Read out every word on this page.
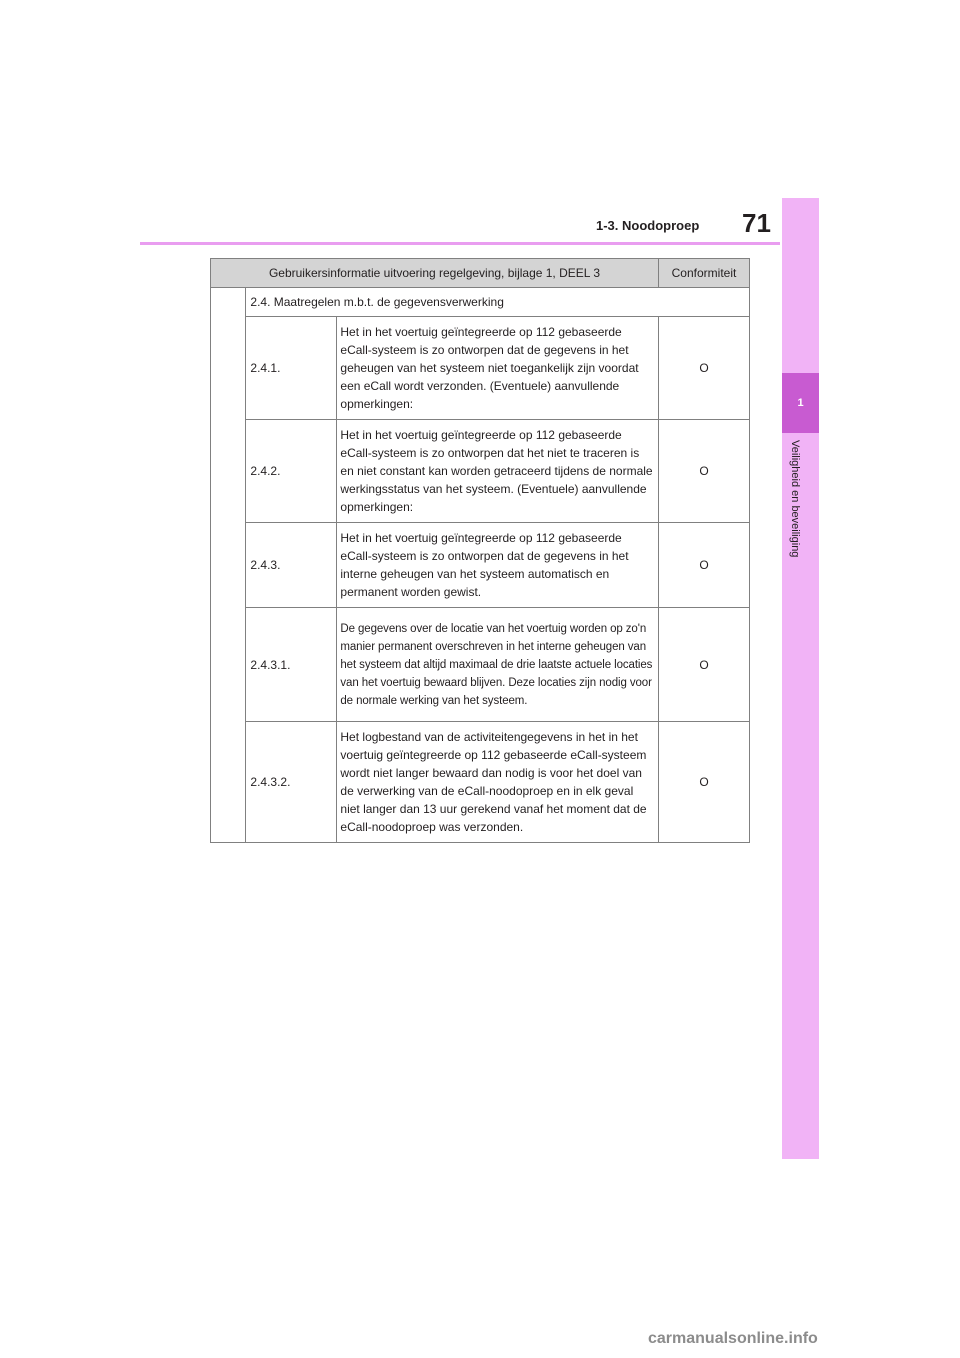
1-3. Noodoproep 71
1
Veiligheid en beveiliging
Gebruikersinformatie uitvoering regelgeving, bijlage 1, DEEL 3			Conformiteit
	2.4. Maatregelen m.b.t. de gegevensverwerking		
	2.4.1.	Het in het voertuig geïntegreerde op 112 gebaseerde eCall-systeem is zo ontworpen dat de gegevens in het geheugen van het systeem niet toegankelijk zijn voordat een eCall wordt verzonden. (Eventuele) aanvullende opmerkingen:	O
	2.4.2.	Het in het voertuig geïntegreerde op 112 gebaseerde eCall-systeem is zo ontworpen dat het niet te traceren is en niet constant kan worden getraceerd tijdens de normale werkingsstatus van het systeem. (Eventuele) aanvullende opmerkingen:	O
	2.4.3.	Het in het voertuig geïntegreerde op 112 gebaseerde eCall-systeem is zo ontworpen dat de gegevens in het interne geheugen van het systeem automatisch en permanent worden gewist.	O
	2.4.3.1.	De gegevens over de locatie van het voertuig worden op zo'n manier permanent overschreven in het interne geheugen van het systeem dat altijd maximaal de drie laatste actuele locaties van het voertuig bewaard blijven. Deze locaties zijn nodig voor de normale werking van het systeem.	O
	2.4.3.2.	Het logbestand van de activiteitengegevens in het in het voertuig geïntegreerde op 112 gebaseerde eCall-systeem wordt niet langer bewaard dan nodig is voor het doel van de verwerking van de eCall-noodoproep en in elk geval niet langer dan 13 uur gerekend vanaf het moment dat de eCall-noodoproep was verzonden.	O
carmanualsonline.info
